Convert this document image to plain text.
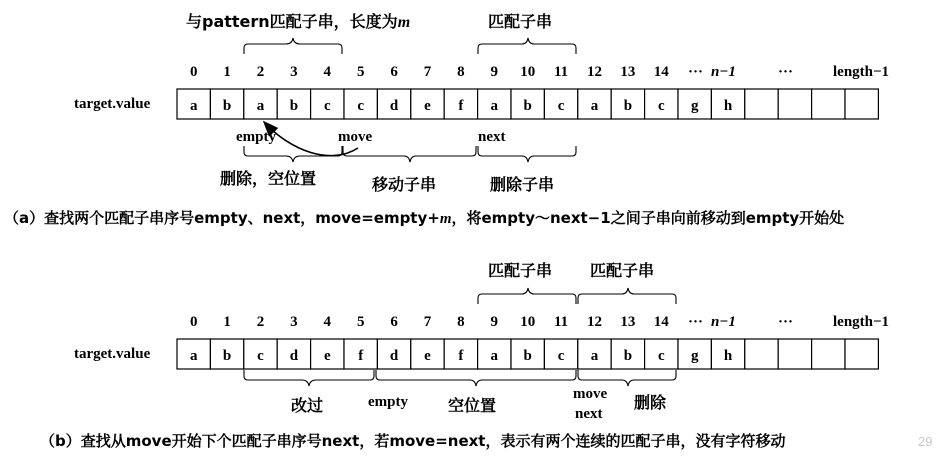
与pattern匹配子串，长度为m	匹配子串
0 1 2 3 4 5 6 7 8 9 10 11 12 13 14 ··· n−1	···	length−1
target.value	a b a b c c d e f a b c a b c g h
empty	move	next
删除，空位置	移动子串	删除子串
（a）查找两个匹配子串序号empty、next，move=empty+m，将empty～next−1之间子串向前移动到empty开始处
匹配子串 匹配子串
0 1 2 3 4 5 6 7 8 9 10 11 12 13 14 ··· n−1	···	length−1
target.value	a b c d e f d e f a b c a b c g h
改过	empty	空位置
move
next
删除
（b）查找从move开始下个匹配子串序号next，若move=next，表示有两个连续的匹配子串，没有字符移动	29
